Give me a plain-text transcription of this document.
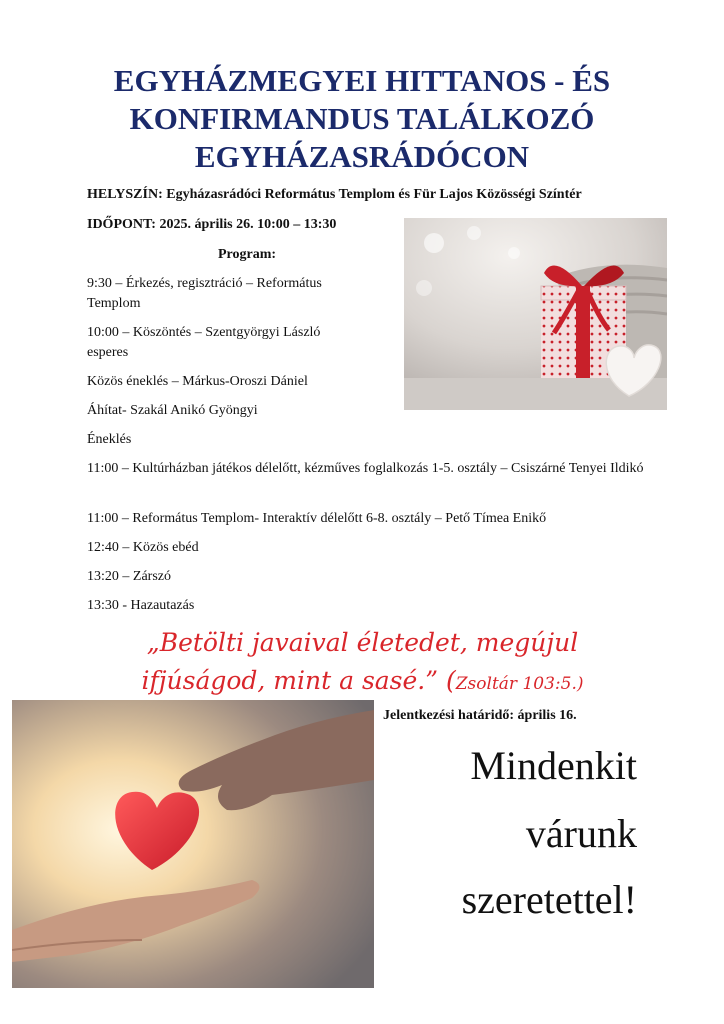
EGYHÁZMEGYEI HITTANOS - ÉS
KONFIRMANDUS TALÁLKOZÓ
EGYHÁZASRÁDÓCON
HELYSZÍN: Egyházasrádóci Református Templom és Für Lajos Közösségi Színtér
IDŐPONT: 2025. április 26. 10:00 – 13:30
Program:
9:30 – Érkezés, regisztráció – Református Templom
10:00 – Köszöntés – Szentgyörgyi László esperes
Közös éneklés – Márkus-Oroszi Dániel
Áhítat- Szakál Anikó Gyöngyi
Éneklés
11:00 – Kultúrházban játékos délelőtt, kézműves foglalkozás 1-5. osztály – Csiszárné Tenyei Ildikó
11:00 – Református Templom- Interaktív délelőtt 6-8. osztály – Pető Tímea Enikő
12:40 – Közös ebéd
13:20 – Zárszó
13:30 - Hazautazás
„Betölti javaival életedet, megújul
ifjúságod, mint a sasé.” (Zsoltár 103:5.)
Jelentkezési határidő: április 16.
Mindenkit
várunk
szeretettel!
